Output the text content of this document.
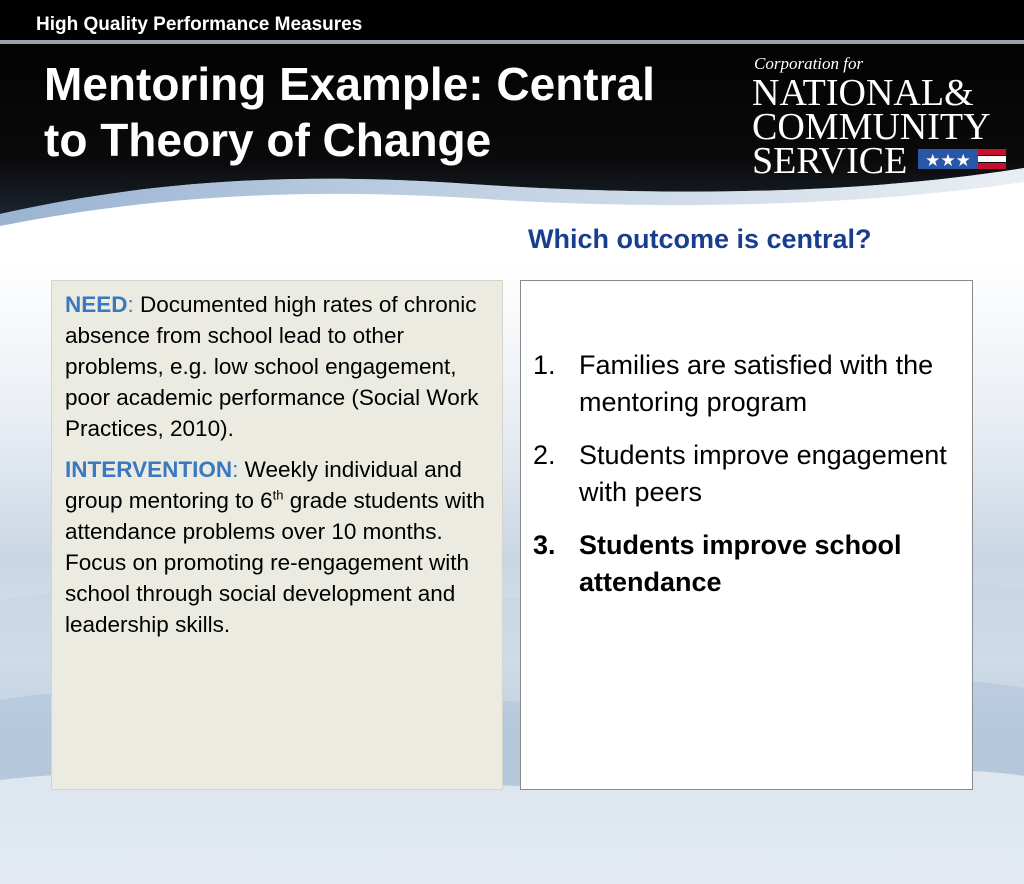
High Quality Performance Measures
Mentoring Example: Central
to Theory of Change
Corporation for
NATIONAL&
COMMUNITY
SERVICE ★★★
Which outcome is central?

NEED: Documented high rates of chronic absence from school lead to other problems, e.g. low school engagement, poor academic performance (Social Work Practices, 2010).

INTERVENTION: Weekly individual and group mentoring to 6th grade students with attendance problems over 10 months. Focus on promoting re-engagement with school through social development and leadership skills.

1. Families are satisfied with the mentoring program
2. Students improve engagement with peers
3. Students improve school attendance
